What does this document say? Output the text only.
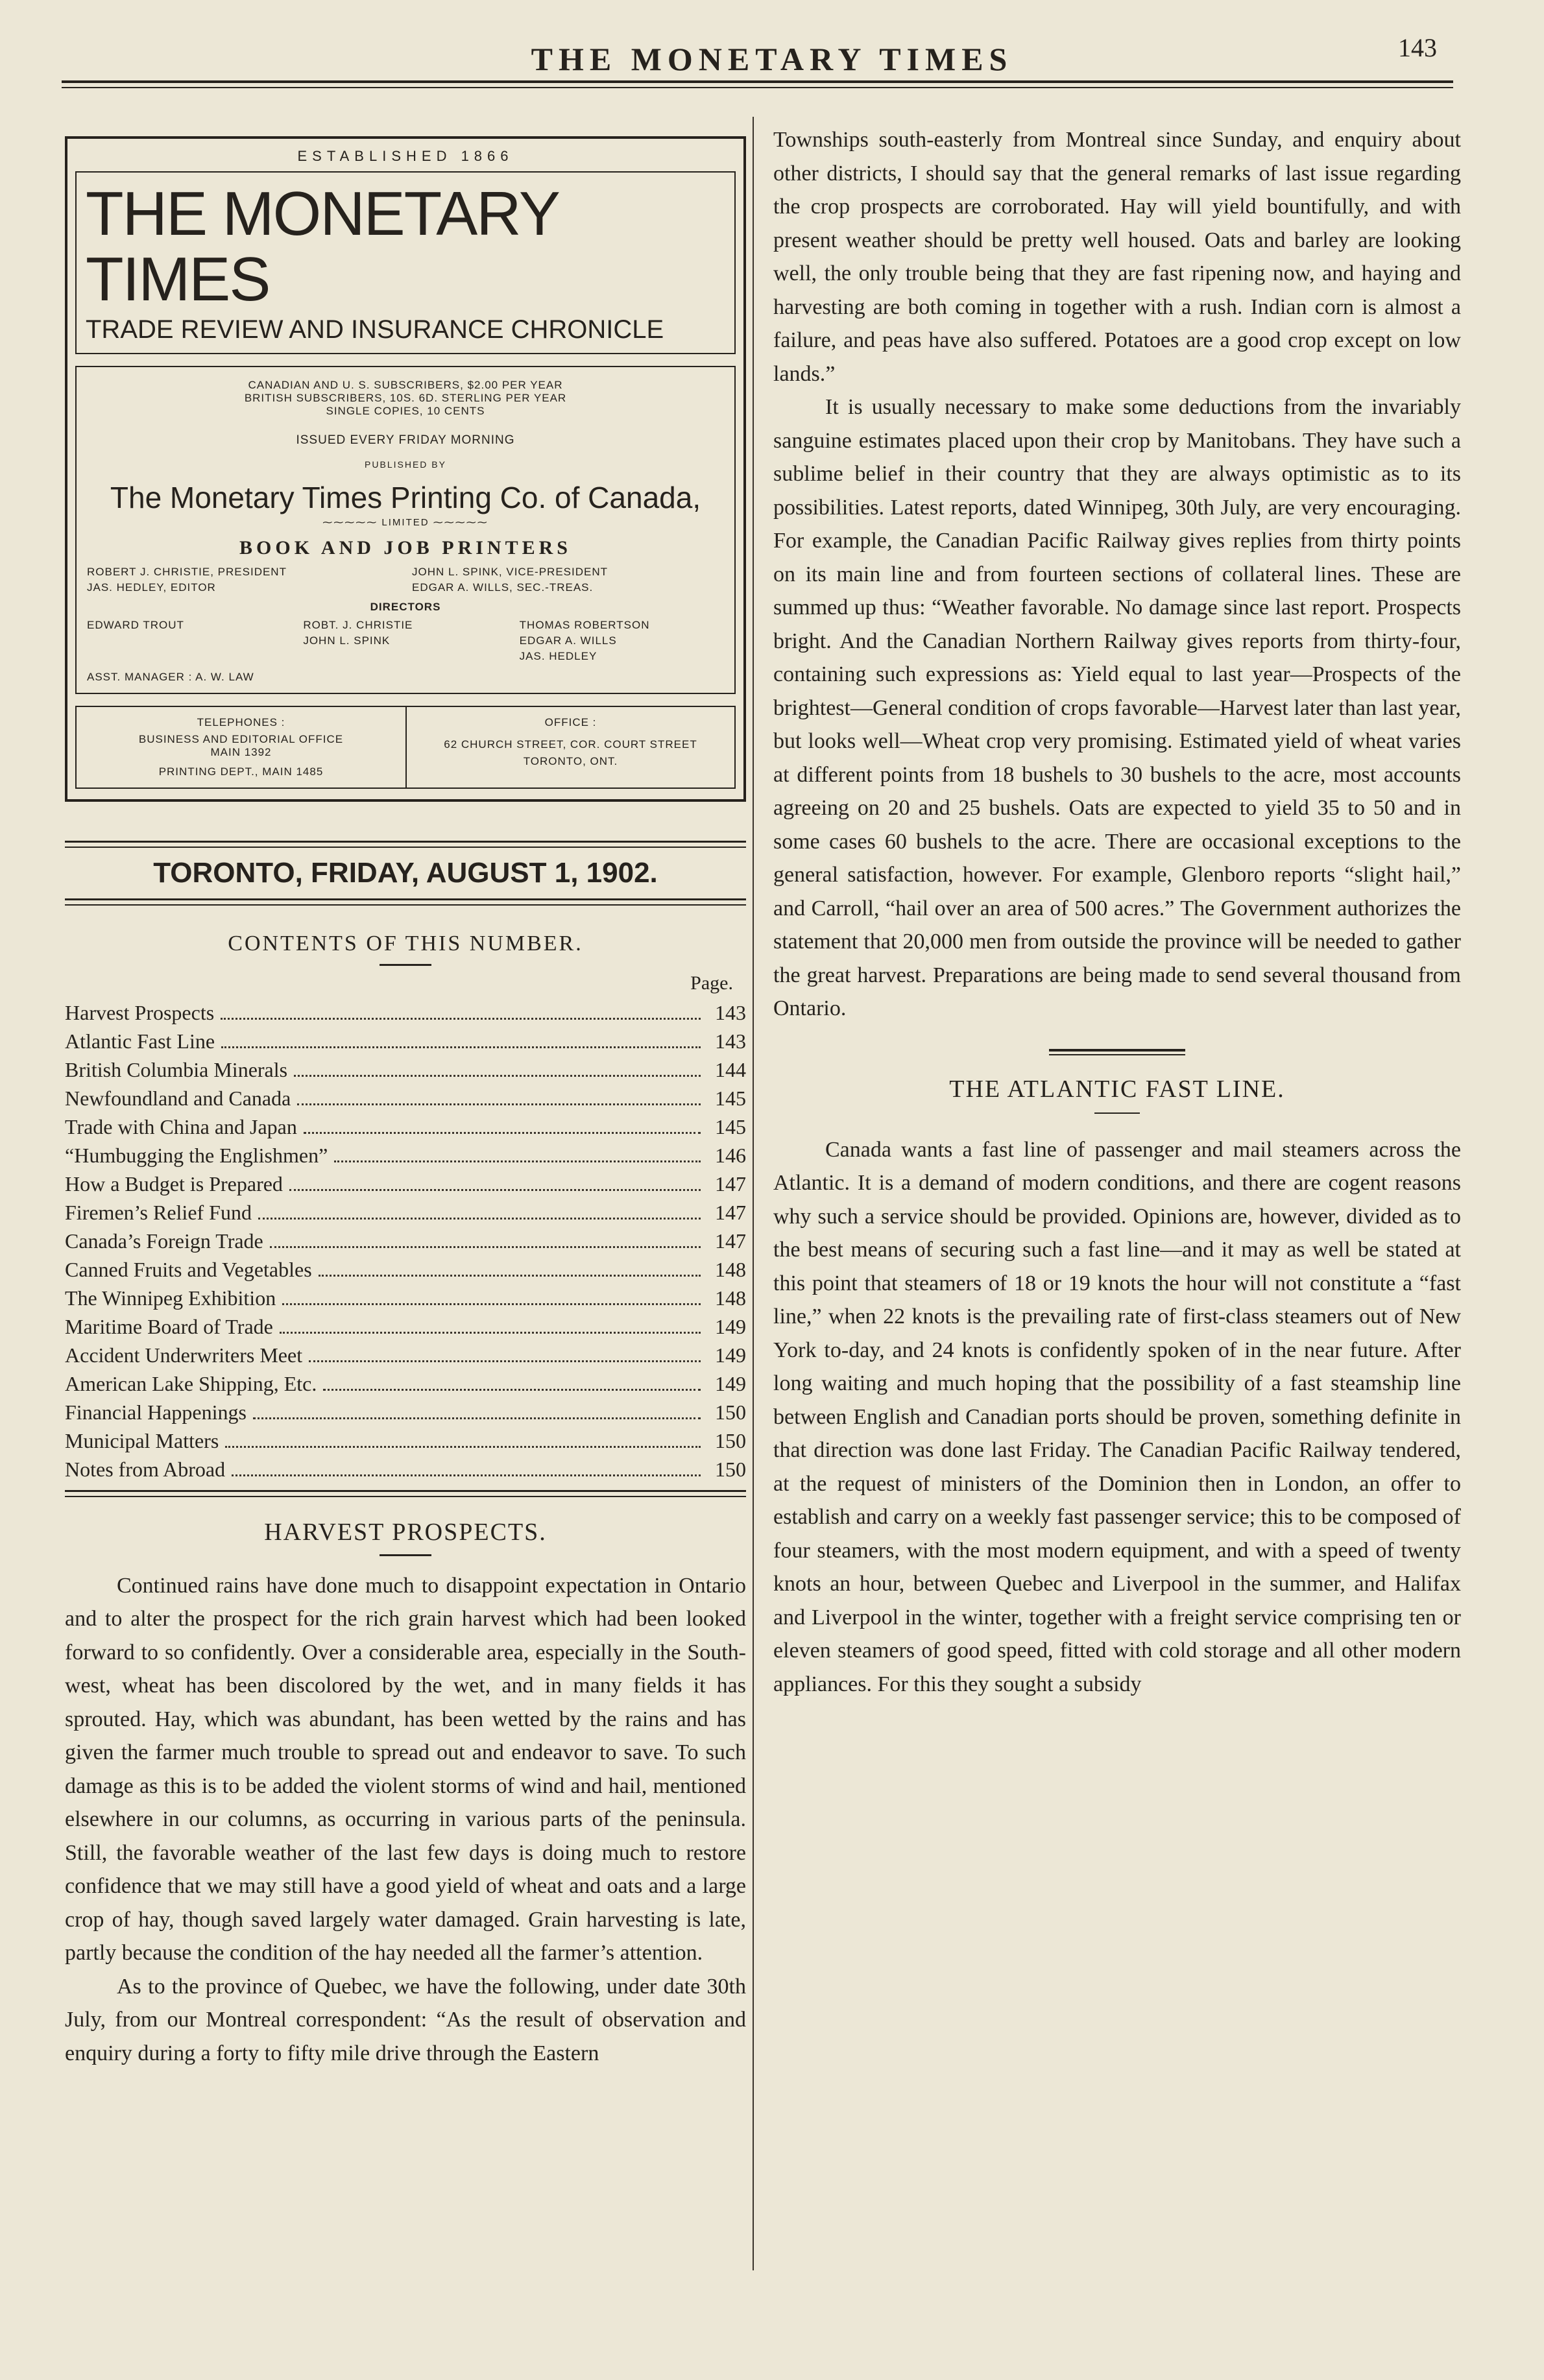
THE MONETARY TIMES	143
ESTABLISHED 1866
THE MONETARY TIMES
TRADE REVIEW AND INSURANCE CHRONICLE
CANADIAN AND U. S. SUBSCRIBERS, $2.00 PER YEAR
BRITISH SUBSCRIBERS, 10S. 6D. STERLING PER YEAR
SINGLE COPIES, 10 CENTS
ISSUED EVERY FRIDAY MORNING
PUBLISHED BY
The Monetary Times Printing Co. of Canada,
⁓⁓⁓⁓⁓ LIMITED ⁓⁓⁓⁓⁓
BOOK AND JOB PRINTERS
ROBERT J. CHRISTIE, PRESIDENT	JOHN L. SPINK, VICE-PRESIDENT
JAS. HEDLEY, EDITOR	EDGAR A. WILLS, SEC.-TREAS.
DIRECTORS
EDWARD TROUT	ROBT. J. CHRISTIE	THOMAS ROBERTSON
JOHN L. SPINK	EDGAR A. WILLS
JAS. HEDLEY
ASST. MANAGER : A. W. LAW
TELEPHONES :
BUSINESS AND EDITORIAL OFFICE
MAIN 1392
PRINTING DEPT., MAIN 1485
OFFICE :
62 CHURCH STREET, COR. COURT STREET
TORONTO, ONT.
TORONTO, FRIDAY, AUGUST 1, 1902.
CONTENTS OF THIS NUMBER.
Page.
Harvest Prospects	143
Atlantic Fast Line	143
British Columbia Minerals	144
Newfoundland and Canada	145
Trade with China and Japan	145
“Humbugging the Englishmen”	146
How a Budget is Prepared	147
Firemen’s Relief Fund	147
Canada’s Foreign Trade	147
Canned Fruits and Vegetables	148
The Winnipeg Exhibition	148
Maritime Board of Trade	149
Accident Underwriters Meet	149
American Lake Shipping, Etc.	149
Financial Happenings	150
Municipal Matters	150
Notes from Abroad	150
HARVEST PROSPECTS.

Continued rains have done much to disappoint expectation in Ontario and to alter the prospect for the rich grain harvest which had been looked forward to so confidently. Over a considerable area, especially in the South-west, wheat has been discolored by the wet, and in many fields it has sprouted. Hay, which was abundant, has been wetted by the rains and has given the farmer much trouble to spread out and endeavor to save. To such damage as this is to be added the violent storms of wind and hail, mentioned elsewhere in our columns, as occurring in various parts of the peninsula. Still, the favorable weather of the last few days is doing much to restore confidence that we may still have a good yield of wheat and oats and a large crop of hay, though saved largely water damaged. Grain harvesting is late, partly because the condition of the hay needed all the farmer’s attention.

As to the province of Quebec, we have the following, under date 30th July, from our Montreal correspondent: “As the result of observation and enquiry during a forty to fifty mile drive through the Eastern

Townships south-easterly from Montreal since Sunday, and enquiry about other districts, I should say that the general remarks of last issue regarding the crop prospects are corroborated. Hay will yield bountifully, and with present weather should be pretty well housed. Oats and barley are looking well, the only trouble being that they are fast ripening now, and haying and harvesting are both coming in together with a rush. Indian corn is almost a failure, and peas have also suffered. Potatoes are a good crop except on low lands.”

It is usually necessary to make some deductions from the invariably sanguine estimates placed upon their crop by Manitobans. They have such a sublime belief in their country that they are always optimistic as to its possibilities. Latest reports, dated Winnipeg, 30th July, are very encouraging. For example, the Canadian Pacific Railway gives replies from thirty points on its main line and from fourteen sections of collateral lines. These are summed up thus: “Weather favorable. No damage since last report. Prospects bright. And the Canadian Northern Railway gives reports from thirty-four, containing such expressions as: Yield equal to last year—Prospects of the brightest—General condition of crops favorable—Harvest later than last year, but looks well—Wheat crop very promising. Estimated yield of wheat varies at different points from 18 bushels to 30 bushels to the acre, most accounts agreeing on 20 and 25 bushels. Oats are expected to yield 35 to 50 and in some cases 60 bushels to the acre. There are occasional exceptions to the general satisfaction, however. For example, Glenboro reports “slight hail,” and Carroll, “hail over an area of 500 acres.” The Government authorizes the statement that 20,000 men from outside the province will be needed to gather the great harvest. Preparations are being made to send several thousand from Ontario.

THE ATLANTIC FAST LINE.

Canada wants a fast line of passenger and mail steamers across the Atlantic. It is a demand of modern conditions, and there are cogent reasons why such a service should be provided. Opinions are, however, divided as to the best means of securing such a fast line—and it may as well be stated at this point that steamers of 18 or 19 knots the hour will not constitute a “fast line,” when 22 knots is the prevailing rate of first-class steamers out of New York to-day, and 24 knots is confidently spoken of in the near future. After long waiting and much hoping that the possibility of a fast steamship line between English and Canadian ports should be proven, something definite in that direction was done last Friday. The Canadian Pacific Railway tendered, at the request of ministers of the Dominion then in London, an offer to establish and carry on a weekly fast passenger service; this to be composed of four steamers, with the most modern equipment, and with a speed of twenty knots an hour, between Quebec and Liverpool in the summer, and Halifax and Liverpool in the winter, together with a freight service comprising ten or eleven steamers of good speed, fitted with cold storage and all other modern appliances. For this they sought a subsidy
